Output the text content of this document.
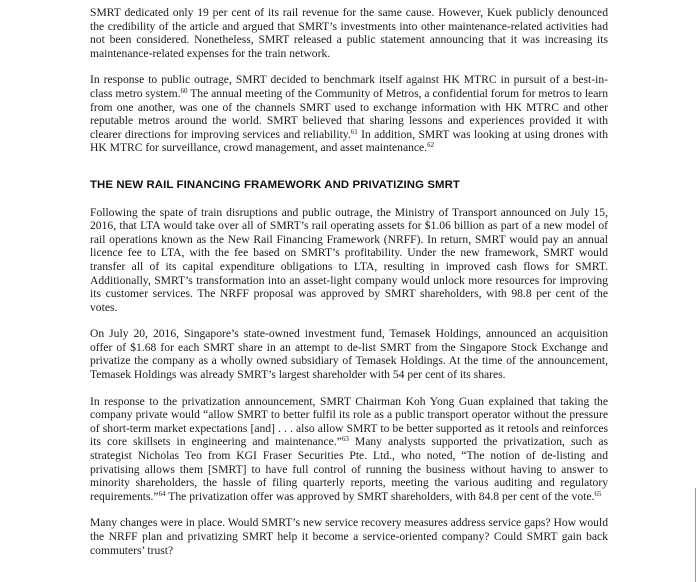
SMRT dedicated only 19 per cent of its rail revenue for the same cause. However, Kuek publicly denounced the credibility of the article and argued that SMRT’s investments into other maintenance-related activities had not been considered. Nonetheless, SMRT released a public statement announcing that it was increasing its maintenance-related expenses for the train network.

In response to public outrage, SMRT decided to benchmark itself against HK MTRC in pursuit of a best-in-class metro system.$^{60}$ The annual meeting of the Community of Metros, a confidential forum for metros to learn from one another, was one of the channels SMRT used to exchange information with HK MTRC and other reputable metros around the world. SMRT believed that sharing lessons and experiences provided it with clearer directions for improving services and reliability.$^{61}$ In addition, SMRT was looking at using drones with HK MTRC for surveillance, crowd management, and asset maintenance.$^{62}$

THE NEW RAIL FINANCING FRAMEWORK AND PRIVATIZING SMRT

Following the spate of train disruptions and public outrage, the Ministry of Transport announced on July 15, 2016, that LTA would take over all of SMRT’s rail operating assets for $1.06 billion as part of a new model of rail operations known as the New Rail Financing Framework (NRFF). In return, SMRT would pay an annual licence fee to LTA, with the fee based on SMRT’s profitability. Under the new framework, SMRT would transfer all of its capital expenditure obligations to LTA, resulting in improved cash flows for SMRT. Additionally, SMRT’s transformation into an asset-light company would unlock more resources for improving its customer services. The NRFF proposal was approved by SMRT shareholders, with 98.8 per cent of the votes.

On July 20, 2016, Singapore’s state-owned investment fund, Temasek Holdings, announced an acquisition offer of $1.68 for each SMRT share in an attempt to de-list SMRT from the Singapore Stock Exchange and privatize the company as a wholly owned subsidiary of Temasek Holdings. At the time of the announcement, Temasek Holdings was already SMRT’s largest shareholder with 54 per cent of its shares.

In response to the privatization announcement, SMRT Chairman Koh Yong Guan explained that taking the company private would “allow SMRT to better fulfil its role as a public transport operator without the pressure of short-term market expectations [and] . . . also allow SMRT to be better supported as it retools and reinforces its core skillsets in engineering and maintenance.”$^{63}$ Many analysts supported the privatization, such as strategist Nicholas Teo from KGI Fraser Securities Pte. Ltd., who noted, “The notion of de-listing and privatising allows them [SMRT] to have full control of running the business without having to answer to minority shareholders, the hassle of filing quarterly reports, meeting the various auditing and regulatory requirements.”$^{64}$ The privatization offer was approved by SMRT shareholders, with 84.8 per cent of the vote.$^{65}$

Many changes were in place. Would SMRT’s new service recovery measures address service gaps? How would the NRFF plan and privatizing SMRT help it become a service-oriented company? Could SMRT gain back commuters’ trust?
